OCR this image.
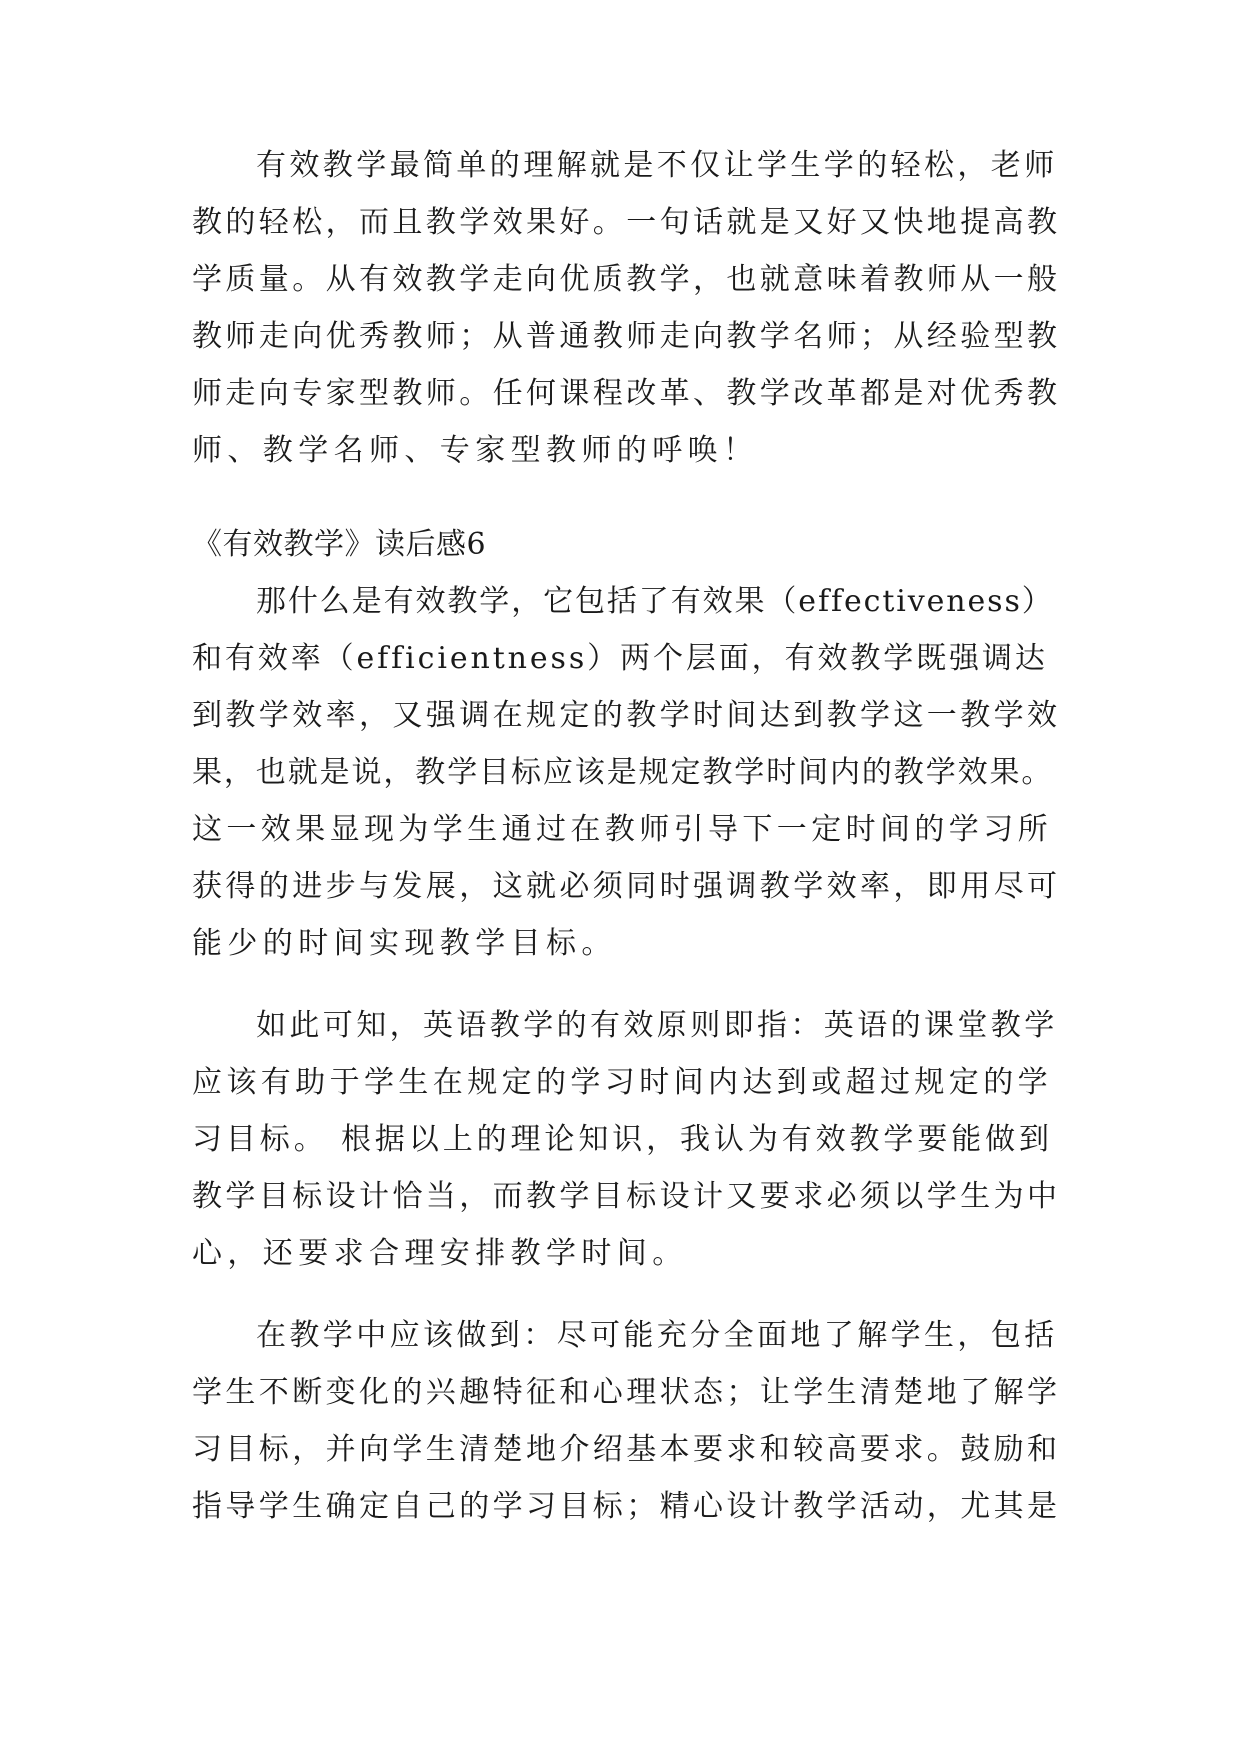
有效教学最简单的理解就是不仅让学生学的轻松，老师
教的轻松，而且教学效果好。一句话就是又好又快地提高教
学质量。从有效教学走向优质教学，也就意味着教师从一般
教师走向优秀教师；从普通教师走向教学名师；从经验型教
师走向专家型教师。任何课程改革、教学改革都是对优秀教
师、教学名师、专家型教师的呼唤！
《有效教学》读后感6
那什么是有效教学，它包括了有效果（effectiveness）
和有效率（efficientness）两个层面，有效教学既强调达
到教学效率，又强调在规定的教学时间达到教学这一教学效
果，也就是说，教学目标应该是规定教学时间内的教学效果。
这一效果显现为学生通过在教师引导下一定时间的学习所
获得的进步与发展，这就必须同时强调教学效率，即用尽可
能少的时间实现教学目标。
如此可知，英语教学的有效原则即指：英语的课堂教学
应该有助于学生在规定的学习时间内达到或超过规定的学
习目标。 根据以上的理论知识，我认为有效教学要能做到
教学目标设计恰当，而教学目标设计又要求必须以学生为中
心，还要求合理安排教学时间。
在教学中应该做到：尽可能充分全面地了解学生，包括
学生不断变化的兴趣特征和心理状态；让学生清楚地了解学
习目标，并向学生清楚地介绍基本要求和较高要求。鼓励和
指导学生确定自己的学习目标；精心设计教学活动，尤其是
